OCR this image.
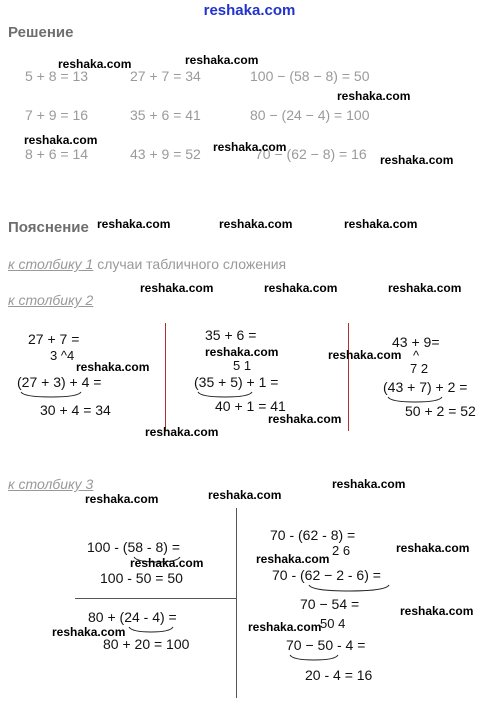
reshaka.com
Решение
5 + 8 = 13	27 + 7 = 34	100 − (58 − 8) = 50
7 + 9 = 16	35 + 6 = 41	80 − (24 − 4) = 100
8 + 6 = 14	43 + 9 = 52	70 − (62 − 8) = 16
reshaka.com	reshaka.com
reshaka.com
reshaka.com	reshaka.com
reshaka.com
Пояснение reshaka.com	reshaka.com	reshaka.com
к столбику 1 случаи табличного сложения
к столбику 2
reshaka.com	reshaka.com	reshaka.com
27 + 7 =
3 ^4
reshaka.com
(27 + 3) + 4 =
30 + 4 = 34
35 + 6 =
reshaka.com
5 1
(35 + 5) + 1 =
40 + 1 = 41
reshaka.com
reshaka.com
43 + 9=
reshaka.com ^
7 2
(43 + 7) + 2 =
50 + 2 = 52
к столбику 3	reshaka.com
reshaka.com	reshaka.com
100 - (58 - 8) =
reshaka.com
100 - 50 = 50
80 + (24 - 4) =
reshaka.com
80 + 20 = 100
70 - (62 - 8) =
2 6
reshaka.com
reshaka.com
70 - (62 − 2 - 6) =
70 − 54 =	reshaka.com
50 4
reshaka.com
70 − 50 - 4 =
20 - 4 = 16
